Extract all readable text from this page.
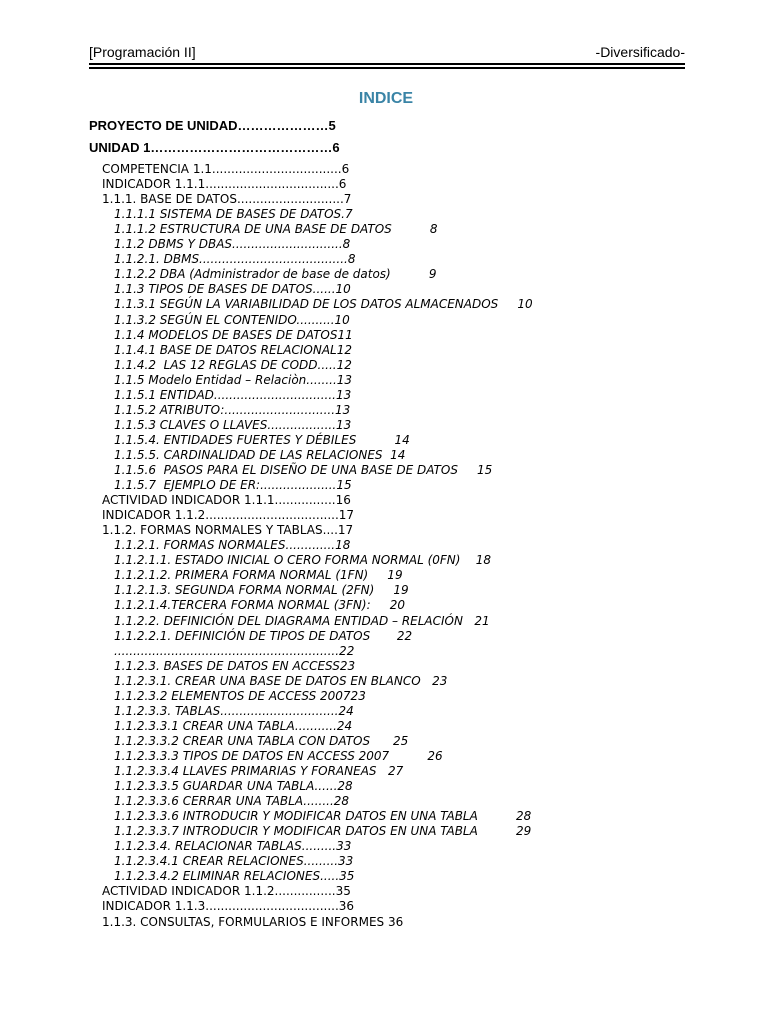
[Programación II]	-Diversificado-
INDICE
PROYECTO DE UNIDAD…………………5
UNIDAD 1……………………………………6
COMPETENCIA 1.1..................................6
INDICADOR 1.1.1...................................6
1.1.1. BASE DE DATOS............................7
1.1.1.1 SISTEMA DE BASES DE DATOS.7
1.1.1.2 ESTRUCTURA DE UNA BASE DE DATOS          8
1.1.2 DBMS Y DBAS.............................8
1.1.2.1. DBMS.......................................8
1.1.2.2 DBA (Administrador de base de datos)          9
1.1.3 TIPOS DE BASES DE DATOS......10
1.1.3.1 SEGÚN LA VARIABILIDAD DE LOS DATOS ALMACENADOS     10
1.1.3.2 SEGÚN EL CONTENIDO..........10
1.1.4 MODELOS DE BASES DE DATOS11
1.1.4.1 BASE DE DATOS RELACIONAL12
1.1.4.2  LAS 12 REGLAS DE CODD.....12
1.1.5 Modelo Entidad – Relaciòn........13
1.1.5.1 ENTIDAD................................13
1.1.5.2 ATRIBUTO:.............................13
1.1.5.3 CLAVES O LLAVES..................13
1.1.5.4. ENTIDADES FUERTES Y DÉBILES          14
1.1.5.5. CARDINALIDAD DE LAS RELACIONES  14
1.1.5.6  PASOS PARA EL DISEÑO DE UNA BASE DE DATOS     15
1.1.5.7  EJEMPLO DE ER:....................15
ACTIVIDAD INDICADOR 1.1.1................16
INDICADOR 1.1.2...................................17
1.1.2. FORMAS NORMALES Y TABLAS....17
1.1.2.1. FORMAS NORMALES.............18
1.1.2.1.1. ESTADO INICIAL O CERO FORMA NORMAL (0FN)    18
1.1.2.1.2. PRIMERA FORMA NORMAL (1FN)     19
1.1.2.1.3. SEGUNDA FORMA NORMAL (2FN)     19
1.1.2.1.4.TERCERA FORMA NORMAL (3FN):     20
1.1.2.2. DEFINICIÓN DEL DIAGRAMA ENTIDAD – RELACIÓN   21
1.1.2.2.1. DEFINICIÓN DE TIPOS DE DATOS       22
...........................................................22
1.1.2.3. BASES DE DATOS EN ACCESS23
1.1.2.3.1. CREAR UNA BASE DE DATOS EN BLANCO   23
1.1.2.3.2 ELEMENTOS DE ACCESS 200723
1.1.2.3.3. TABLAS...............................24
1.1.2.3.3.1 CREAR UNA TABLA...........24
1.1.2.3.3.2 CREAR UNA TABLA CON DATOS      25
1.1.2.3.3.3 TIPOS DE DATOS EN ACCESS 2007          26
1.1.2.3.3.4 LLAVES PRIMARIAS Y FORANEAS   27
1.1.2.3.3.5 GUARDAR UNA TABLA......28
1.1.2.3.3.6 CERRAR UNA TABLA........28
1.1.2.3.3.6 INTRODUCIR Y MODIFICAR DATOS EN UNA TABLA          28
1.1.2.3.3.7 INTRODUCIR Y MODIFICAR DATOS EN UNA TABLA          29
1.1.2.3.4. RELACIONAR TABLAS.........33
1.1.2.3.4.1 CREAR RELACIONES.........33
1.1.2.3.4.2 ELIMINAR RELACIONES.....35
ACTIVIDAD INDICADOR 1.1.2................35
INDICADOR 1.1.3...................................36
1.1.3. CONSULTAS, FORMULARIOS E INFORMES 36
